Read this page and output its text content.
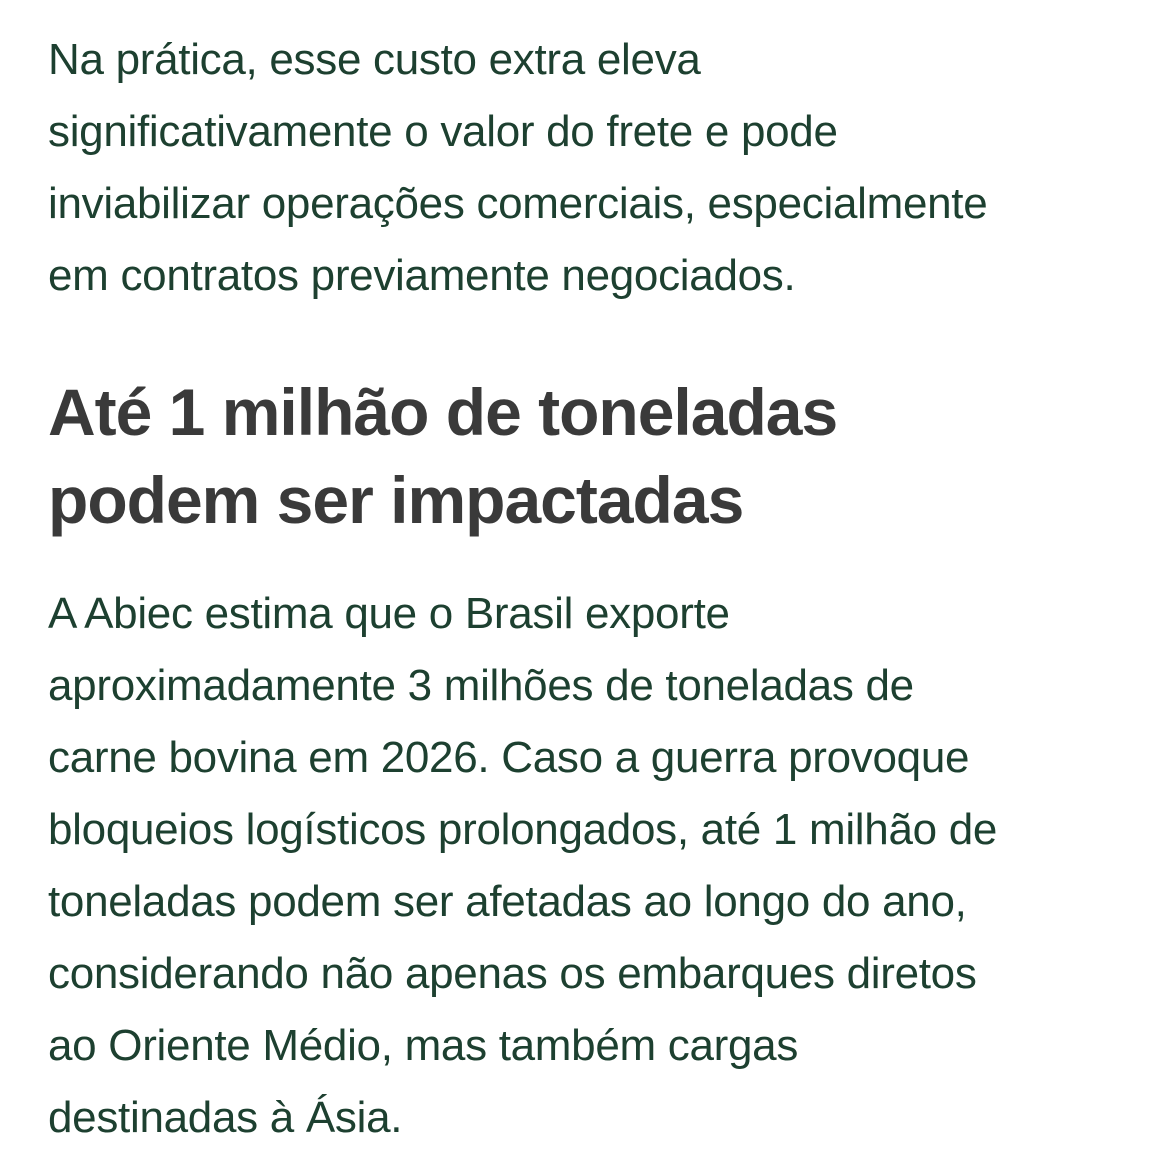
Na prática, esse custo extra eleva
significativamente o valor do frete e pode
inviabilizar operações comerciais, especialmente
em contratos previamente negociados.
Até 1 milhão de toneladas
podem ser impactadas
A Abiec estima que o Brasil exporte
aproximadamente 3 milhões de toneladas de
carne bovina em 2026. Caso a guerra provoque
bloqueios logísticos prolongados, até 1 milhão de
toneladas podem ser afetadas ao longo do ano,
considerando não apenas os embarques diretos
ao Oriente Médio, mas também cargas
destinadas à Ásia.
